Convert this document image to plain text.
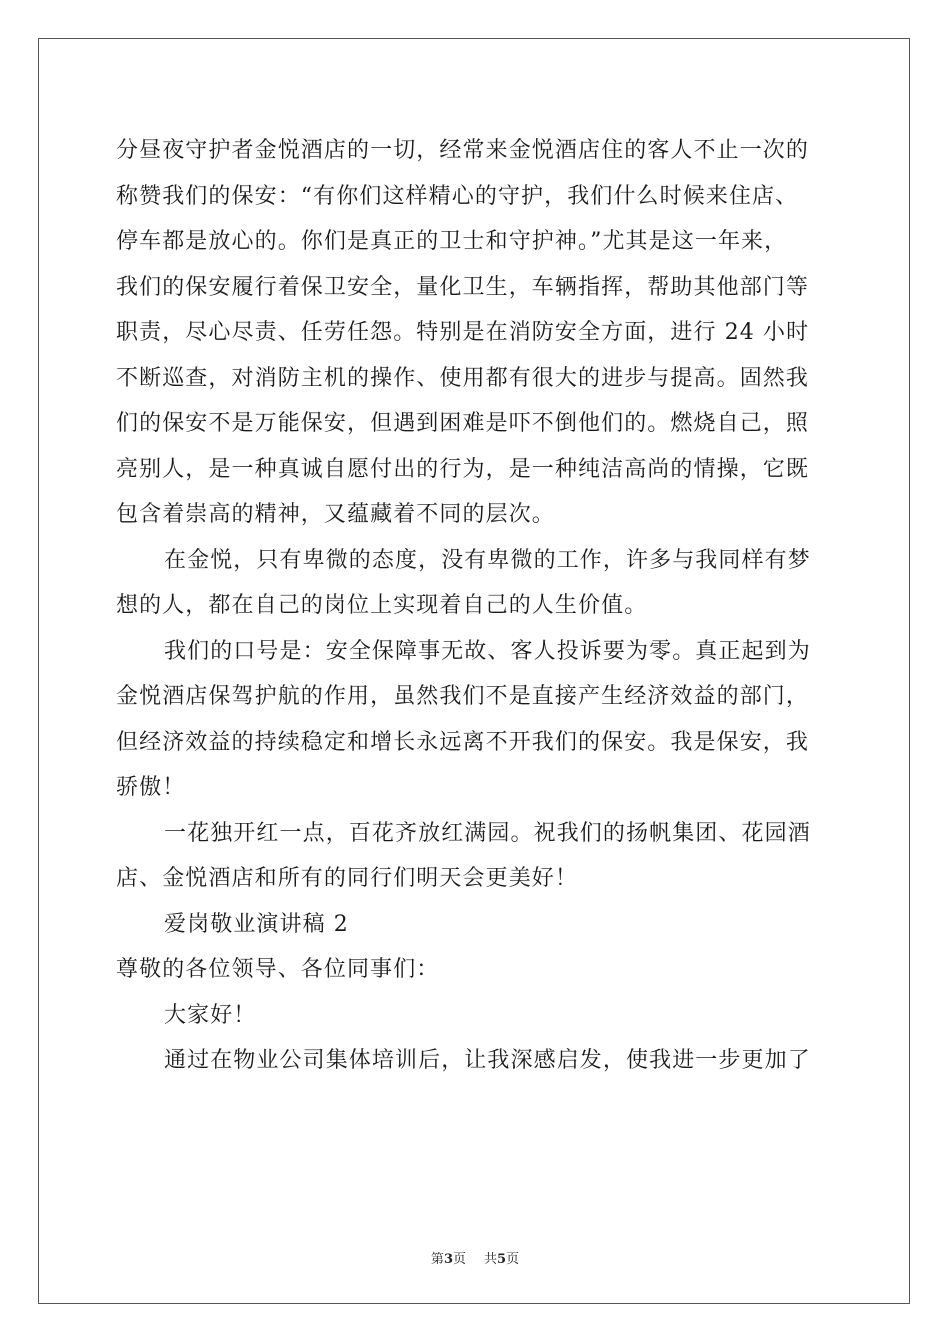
分昼夜守护者金悦酒店的一切，经常来金悦酒店住的客人不止一次的
称赞我们的保安：“有你们这样精心的守护，我们什么时候来住店、
停车都是放心的。你们是真正的卫士和守护神。”尤其是这一年来，
我们的保安履行着保卫安全，量化卫生，车辆指挥，帮助其他部门等
职责，尽心尽责、任劳任怨。特别是在消防安全方面，进行 24 小时
不断巡查，对消防主机的操作、使用都有很大的进步与提高。固然我
们的保安不是万能保安，但遇到困难是吓不倒他们的。燃烧自己，照
亮别人，是一种真诚自愿付出的行为，是一种纯洁高尚的情操，它既
包含着崇高的精神，又蕴藏着不同的层次。
在金悦，只有卑微的态度，没有卑微的工作，许多与我同样有梦
想的人，都在自己的岗位上实现着自己的人生价值。
我们的口号是：安全保障事无故、客人投诉要为零。真正起到为
金悦酒店保驾护航的作用，虽然我们不是直接产生经济效益的部门，
但经济效益的持续稳定和增长永远离不开我们的保安。我是保安，我
骄傲！
一花独开红一点，百花齐放红满园。祝我们的扬帆集团、花园酒
店、金悦酒店和所有的同行们明天会更美好！
爱岗敬业演讲稿 2
尊敬的各位领导、各位同事们：
大家好！
通过在物业公司集体培训后，让我深感启发，使我进一步更加了
第3页 共5页
